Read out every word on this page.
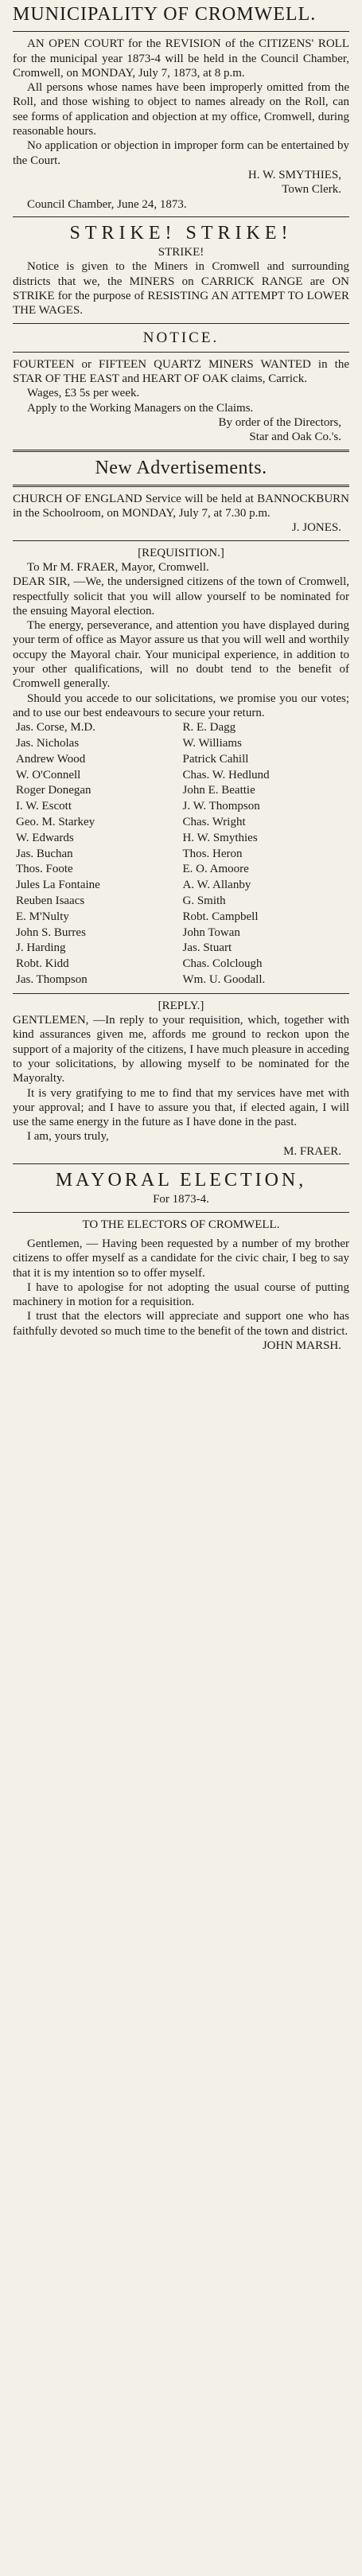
MUNICIPALITY OF CROMWELL.

AN OPEN COURT for the REVISION of the CITIZENS' ROLL for the municipal year 1873-4 will be held in the Council Chamber, Cromwell, on MONDAY, July 7, 1873, at 8 p.m.

All persons whose names have been improperly omitted from the Roll, and those wishing to object to names already on the Roll, can see forms of application and objection at my office, Cromwell, during reasonable hours.

No application or objection in improper form can be entertained by the Court.

H. W. SMYTHIES,

Town Clerk.

Council Chamber, June 24, 1873.

STRIKE! STRIKE!
STRIKE!

Notice is given to the Miners in Cromwell and surrounding districts that we, the MINERS on CARRICK RANGE are ON STRIKE for the purpose of RESISTING AN ATTEMPT TO LOWER THE WAGES.

NOTICE.

FOURTEEN or FIFTEEN QUARTZ MINERS WANTED in the STAR OF THE EAST and HEART OF OAK claims, Carrick.

Wages, £3 5s per week.

Apply to the Working Managers on the Claims.

By order of the Directors,

Star and Oak Co.'s.

New Advertisements.

CHURCH OF ENGLAND Service will be held at BANNOCKBURN in the Schoolroom, on MONDAY, July 7, at 7.30 p.m.

J. JONES.

[REQUISITION.]

To Mr M. FRAER, Mayor, Cromwell.

DEAR SIR, —We, the undersigned citizens of the town of Cromwell, respectfully solicit that you will allow yourself to be nominated for the ensuing Mayoral election.

The energy, perseverance, and attention you have displayed during your term of office as Mayor assure us that you will well and worthily occupy the Mayoral chair. Your municipal experience, in addition to your other qualifications, will no doubt tend to the benefit of Cromwell generally.

Should you accede to our solicitations, we promise you our votes; and to use our best endeavours to secure your return.

Jas. Corse, M.D.
Jas. Nicholas
Andrew Wood
W. O'Connell
Roger Donegan
I. W. Escott
Geo. M. Starkey
W. Edwards
Jas. Buchan
Thos. Foote
Jules La Fontaine
Reuben Isaacs
E. M'Nulty
John S. Burres
J. Harding
Robt. Kidd
Jas. Thompson
R. E. Dagg
W. Williams
Patrick Cahill
Chas. W. Hedlund
John E. Beattie
J. W. Thompson
Chas. Wright
H. W. Smythies
Thos. Heron
E. O. Amoore
A. W. Allanby
G. Smith
Robt. Campbell
John Towan
Jas. Stuart
Chas. Colclough
Wm. U. Goodall.
[REPLY.]

GENTLEMEN, —In reply to your requisition, which, together with kind assurances given me, affords me ground to reckon upon the support of a majority of the citizens, I have much pleasure in acceding to your solicitations, by allowing myself to be nominated for the Mayoralty.

It is very gratifying to me to find that my services have met with your approval; and I have to assure you that, if elected again, I will use the same energy in the future as I have done in the past.

I am, yours truly,

M. FRAER.

MAYORAL ELECTION,
For 1873-4.
TO THE ELECTORS OF CROMWELL.

Gentlemen, — Having been requested by a number of my brother citizens to offer myself as a candidate for the civic chair, I beg to say that it is my intention so to offer myself.

I have to apologise for not adopting the usual course of putting machinery in motion for a requisition.

I trust that the electors will appreciate and support one who has faithfully devoted so much time to the benefit of the town and district.

JOHN MARSH.
